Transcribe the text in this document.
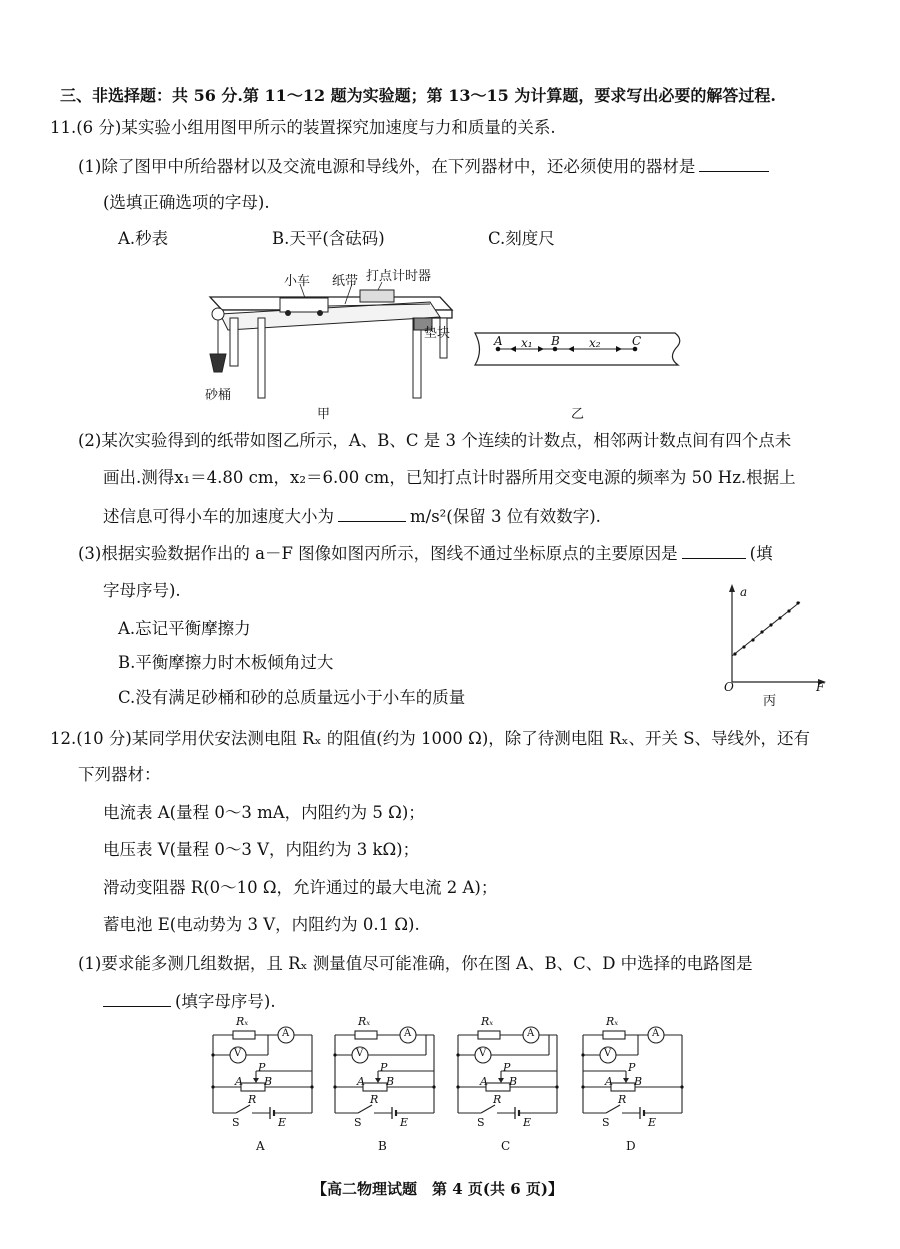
三、非选择题：共 56 分.第 11～12 题为实验题；第 13～15 为计算题，要求写出必要的解答过程.
11.(6 分)某实验小组用图甲所示的装置探究加速度与力和质量的关系.
(1)除了图甲中所给器材以及交流电源和导线外，在下列器材中，还必须使用的器材是
(选填正确选项的字母).
A.秒表	B.天平(含砝码)	C.刻度尺
小车 纸带 打点计时器
垫块
砂桶
甲
A x₁ B x₂	C
乙
(2)某次实验得到的纸带如图乙所示，A、B、C 是 3 个连续的计数点，相邻两计数点间有四个点未
画出.测得x₁＝4.80 cm，x₂＝6.00 cm，已知打点计时器所用交变电源的频率为 50 Hz.根据上
述信息可得小车的加速度大小为	m/s²(保留 3 位有效数字).
(3)根据实验数据作出的 a－F 图像如图丙所示，图线不通过坐标原点的主要原因是	(填
字母序号).
A.忘记平衡摩擦力
B.平衡摩擦力时木板倾角过大
C.没有满足砂桶和砂的总质量远小于小车的质量
a
O	F
丙
12.(10 分)某同学用伏安法测电阻 Rₓ 的阻值(约为 1000 Ω)，除了待测电阻 Rₓ、开关 S、导线外，还有
下列器材：
电流表 A(量程 0～3 mA，内阻约为 5 Ω)；
电压表 V(量程 0～3 V，内阻约为 3 kΩ)；
滑动变阻器 R(0～10 Ω，允许通过的最大电流 2 A)；
蓄电池 E(电动势为 3 V，内阻约为 0.1 Ω).
(1)要求能多测几组数据，且 Rₓ 测量值尽可能准确，你在图 A、B、C、D 中选择的电路图是
(填字母序号).
Rₓ
A
V
P
A B
R
S	E
A
Rₓ
A
V
P
A B
R
S	E
B
Rₓ
A
V
P
A B
R
S	E
C
Rₓ
A
V
P
A B
R
S	E
D
【高二物理试题　第 4 页(共 6 页)】
